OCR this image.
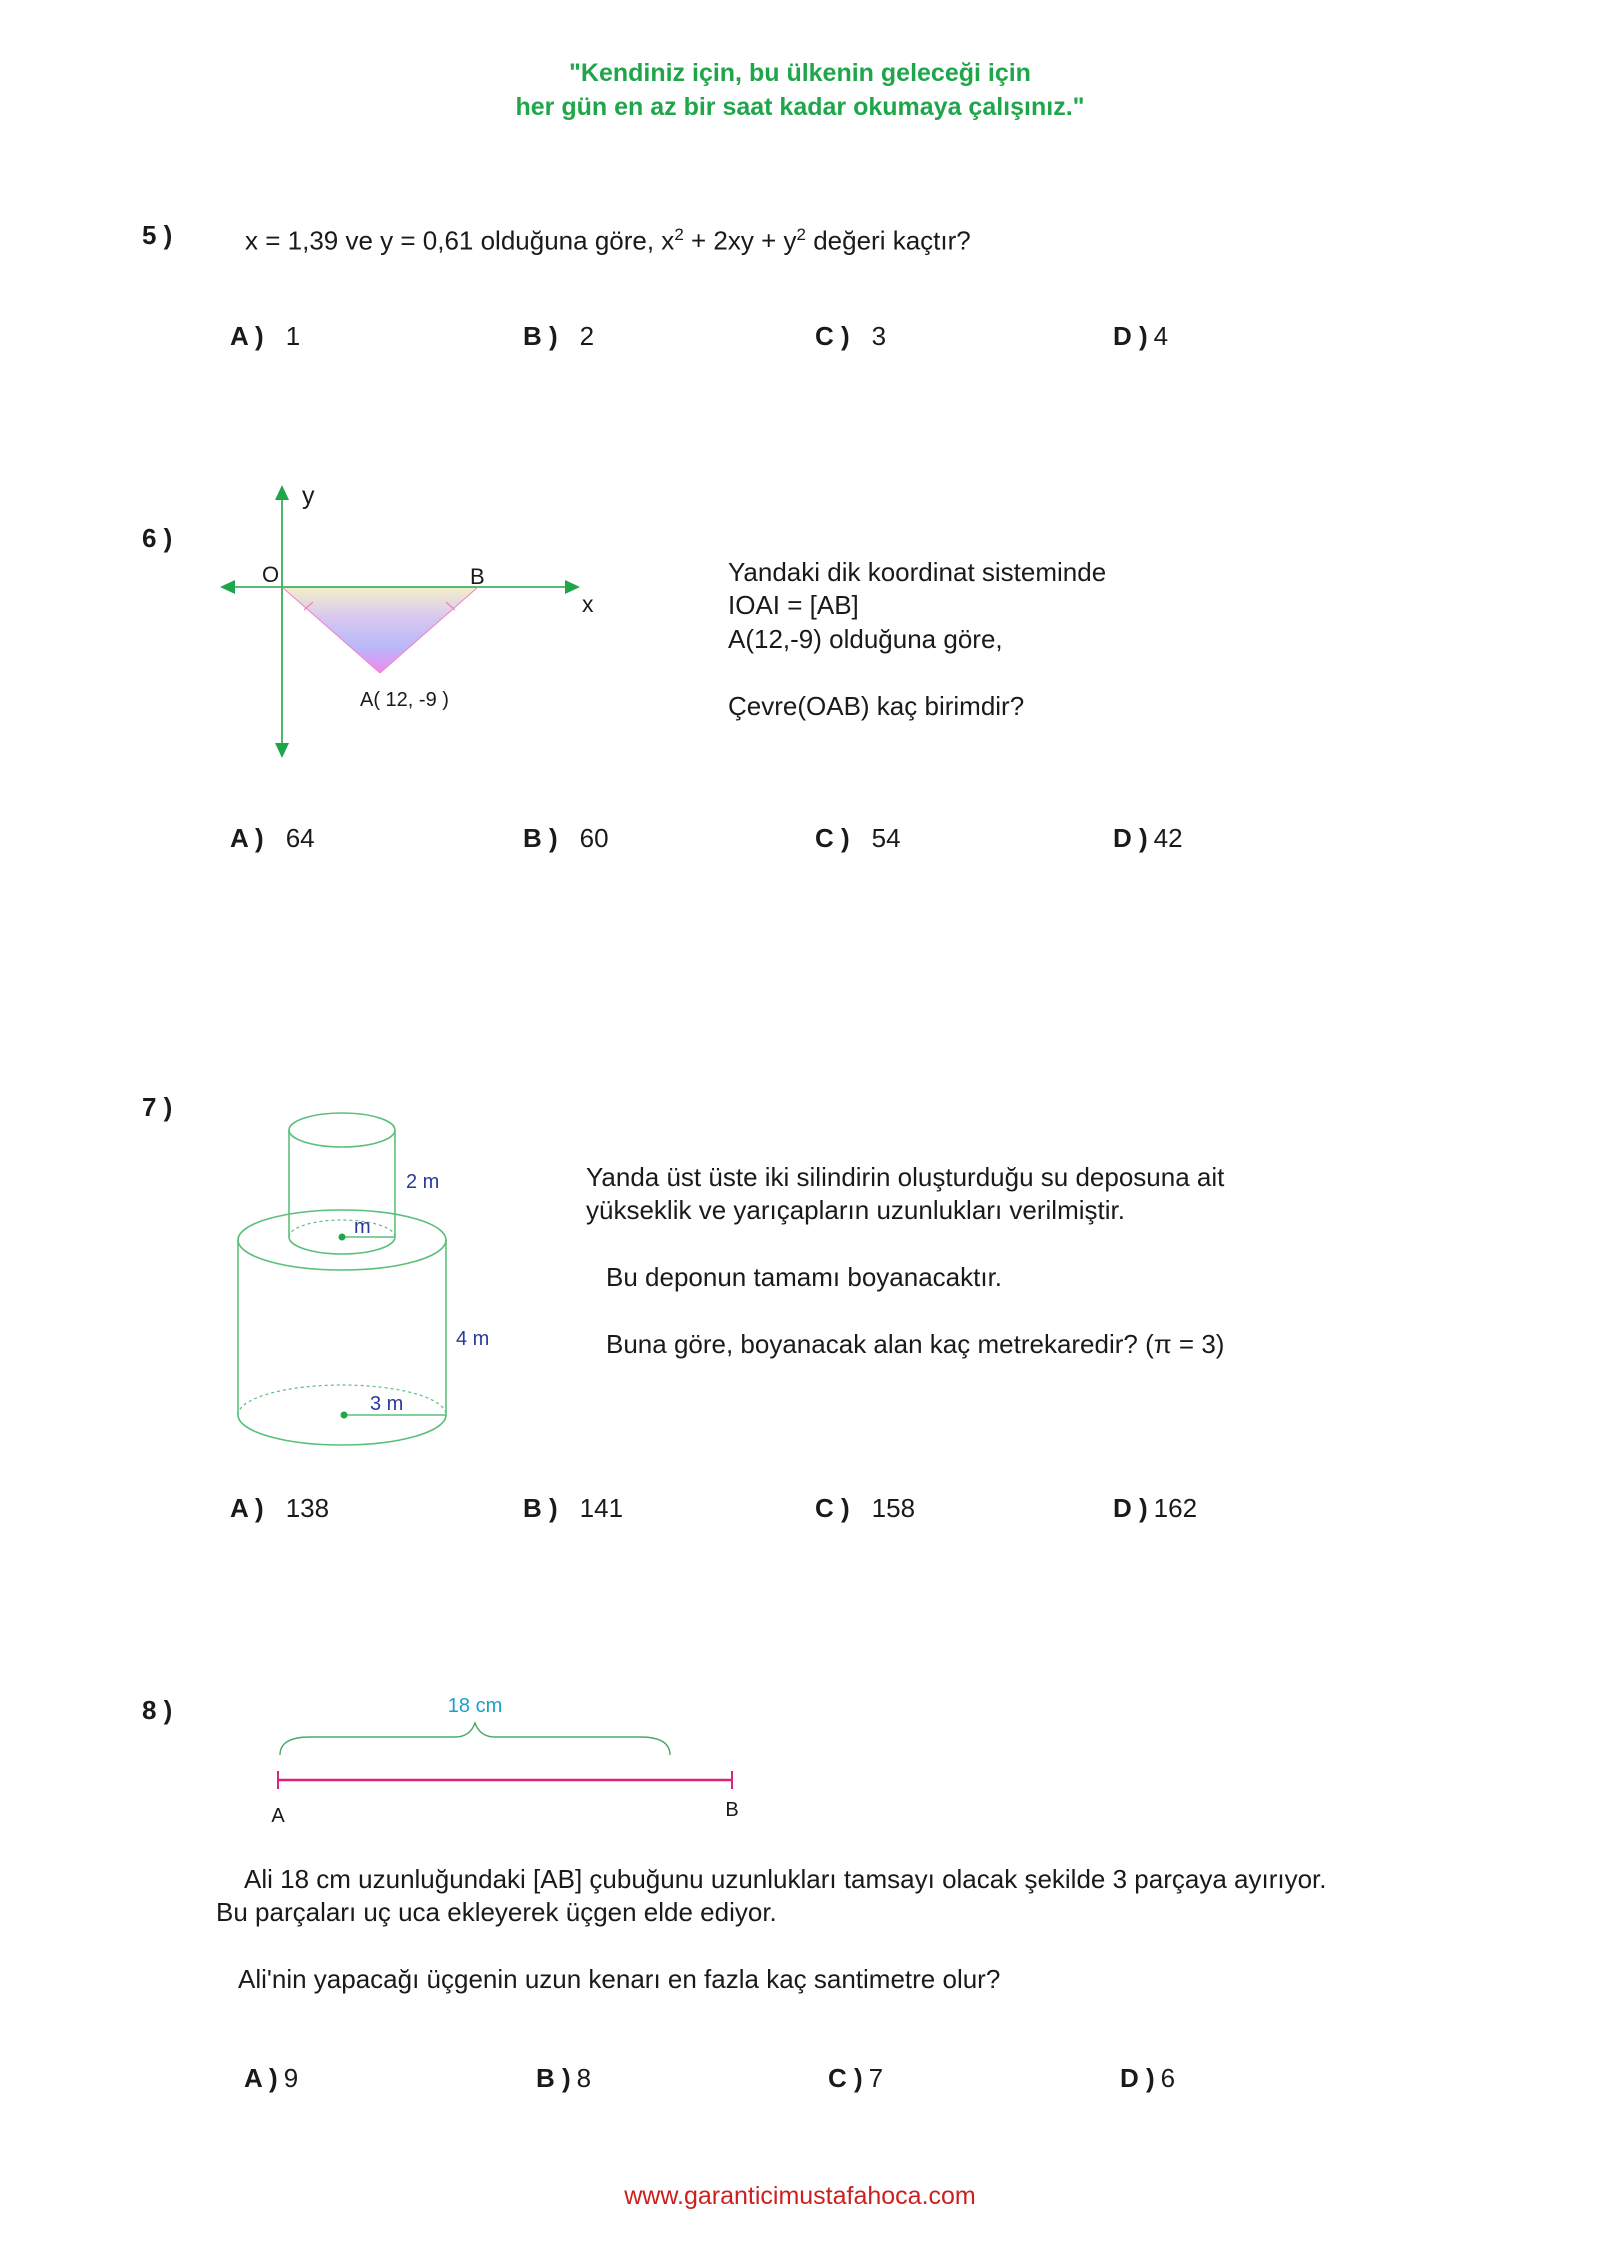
"Kendiniz için, bu ülkenin geleceği için
her gün en az bir saat kadar okumaya çalışınız."
5 )	x = 1,39 ve y = 0,61 olduğuna göre, $x^2 + 2xy + y^2$ değeri kaçtır?
A ) 1	B ) 2	C ) 3	D ) 4
6 )
y
O	B
x
A( 12, -9 )
Yandaki dik koordinat sisteminde
IOAI = [AB]
A(12,-9) olduğuna göre,
Çevre(OAB) kaç birimdir?
A ) 64	B ) 60	C ) 54	D ) 42
7 )
2 m
m
4 m
3 m
Yanda üst üste iki silindirin oluşturduğu su deposuna ait
yükseklik ve yarıçapların uzunlukları verilmiştir.
Bu deponun tamamı boyanacaktır.
Buna göre, boyanacak alan kaç metrekaredir? (π = 3)
A ) 138	B ) 141	C ) 158	D ) 162
8 )	18 cm
A	B
Ali 18 cm uzunluğundaki [AB] çubuğunu uzunlukları tamsayı olacak şekilde 3 parçaya ayırıyor.
Bu parçaları uç uca ekleyerek üçgen elde ediyor.
Ali'nin yapacağı üçgenin uzun kenarı en fazla kaç santimetre olur?
A ) 9	B ) 8	C ) 7	D ) 6
www.garanticimustafahoca.com
